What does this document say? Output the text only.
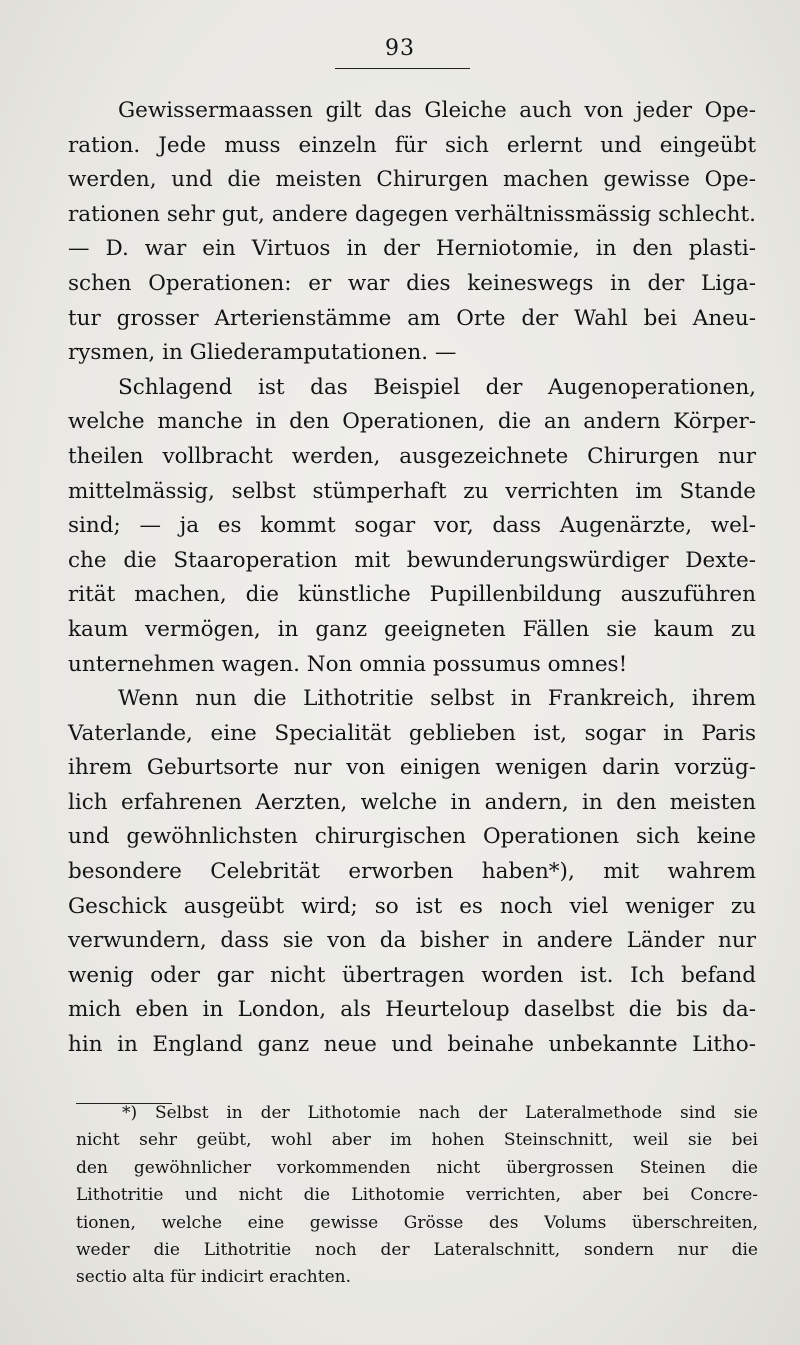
93
Gewissermaassen gilt das Gleiche auch von jeder Ope-
ration. Jede muss einzeln für sich erlernt und eingeübt
werden, und die meisten Chirurgen machen gewisse Ope-
rationen sehr gut, andere dagegen verhältnissmässig schlecht.
— D. war ein Virtuos in der Herniotomie, in den plasti-
schen Operationen: er war dies keineswegs in der Liga-
tur grosser Arterienstämme am Orte der Wahl bei Aneu-
rysmen, in Gliederamputationen. —
Schlagend ist das Beispiel der Augenoperationen,
welche manche in den Operationen, die an andern Körper-
theilen vollbracht werden, ausgezeichnete Chirurgen nur
mittelmässig, selbst stümperhaft zu verrichten im Stande
sind; — ja es kommt sogar vor, dass Augenärzte, wel-
che die Staaroperation mit bewunderungswürdiger Dexte-
rität machen, die künstliche Pupillenbildung auszuführen
kaum vermögen, in ganz geeigneten Fällen sie kaum zu
unternehmen wagen. Non omnia possumus omnes!
Wenn nun die Lithotritie selbst in Frankreich, ihrem
Vaterlande, eine Specialität geblieben ist, sogar in Paris
ihrem Geburtsorte nur von einigen wenigen darin vorzüg-
lich erfahrenen Aerzten, welche in andern, in den meisten
und gewöhnlichsten chirurgischen Operationen sich keine
besondere Celebrität erworben haben*), mit wahrem
Geschick ausgeübt wird; so ist es noch viel weniger zu
verwundern, dass sie von da bisher in andere Länder nur
wenig oder gar nicht übertragen worden ist. Ich befand
mich eben in London, als Heurteloup daselbst die bis da-
hin in England ganz neue und beinahe unbekannte Litho-
*) Selbst in der Lithotomie nach der Lateralmethode sind sie
nicht sehr geübt, wohl aber im hohen Steinschnitt, weil sie bei
den gewöhnlicher vorkommenden nicht übergrossen Steinen die
Lithotritie und nicht die Lithotomie verrichten, aber bei Concre-
tionen, welche eine gewisse Grösse des Volums überschreiten,
weder die Lithotritie noch der Lateralschnitt, sondern nur die
sectio alta für indicirt erachten.
